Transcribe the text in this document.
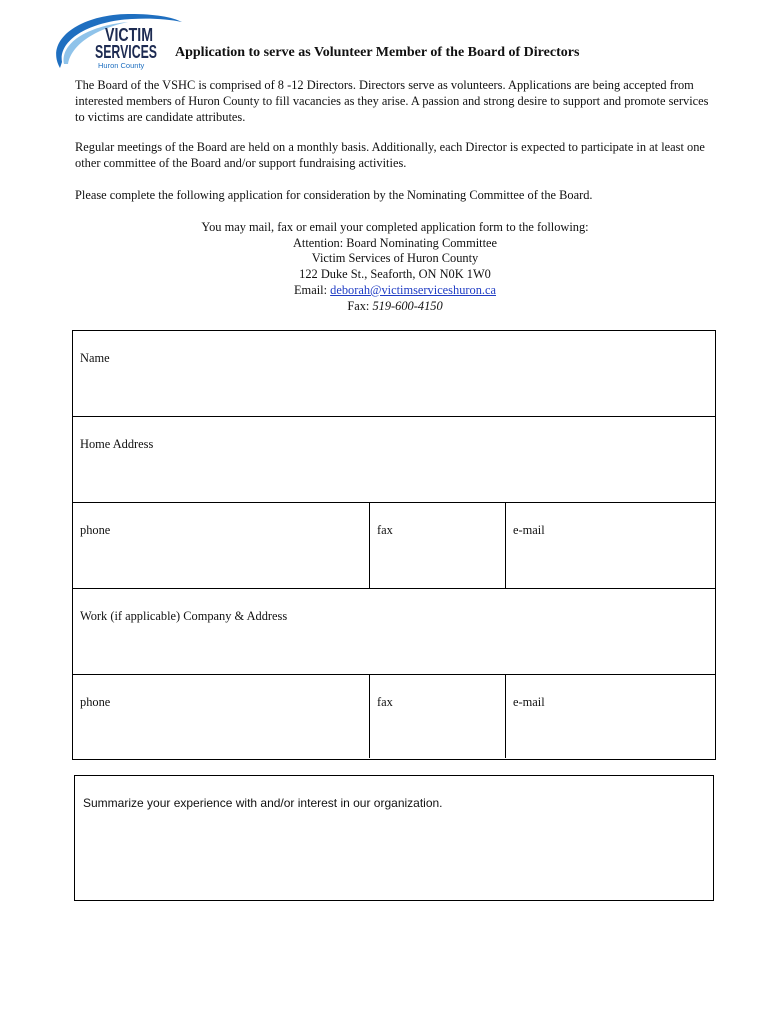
VICTIM
SERVICES
Huron County
Application to serve as Volunteer Member of the Board of Directors

The Board of the VSHC is comprised of 8 -12 Directors. Directors serve as volunteers. Applications are being accepted from interested members of Huron County to fill vacancies as they arise. A passion and strong desire to support and promote services to victims are candidate attributes.

Regular meetings of the Board are held on a monthly basis. Additionally, each Director is expected to participate in at least one other committee of the Board and/or support fundraising activities.

Please complete the following application for consideration by the Nominating Committee of the Board.

You may mail, fax or email your completed application form to the following:
Attention: Board Nominating Committee
Victim Services of Huron County
122 Duke St., Seaforth, ON N0K 1W0
Email: deborah@victimserviceshuron.ca
Fax: 519-600-4150
Name
Home Address
phone	fax	e-mail
Work (if applicable) Company & Address
phone	fax	e-mail
Summarize your experience with and/or interest in our organization.
